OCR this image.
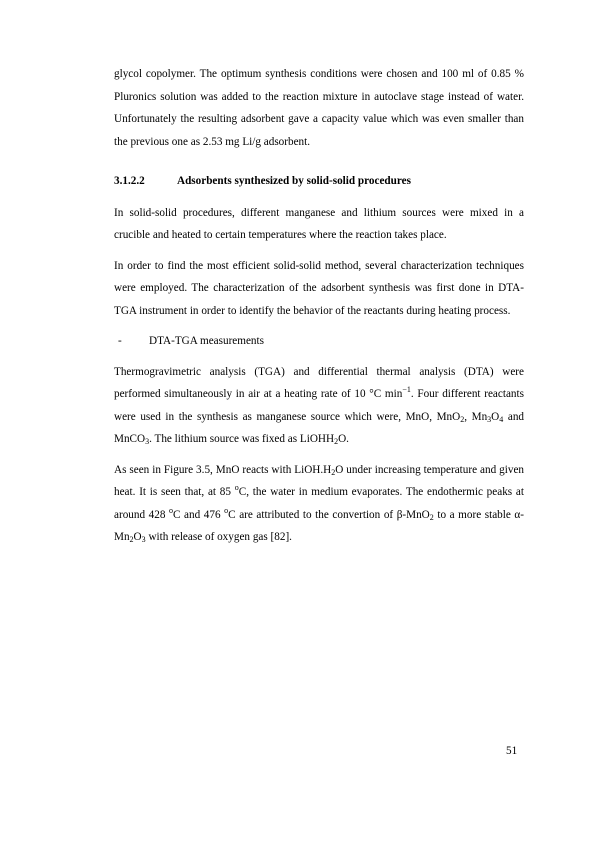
glycol copolymer. The optimum synthesis conditions were chosen and 100 ml of 0.85 % Pluronics solution was added to the reaction mixture in autoclave stage instead of water. Unfortunately the resulting adsorbent gave a capacity value which was even smaller than the previous one as 2.53 mg Li/g adsorbent.

3.1.2.2	Adsorbents synthesized by solid-solid procedures

In solid-solid procedures, different manganese and lithium sources were mixed in a crucible and heated to certain temperatures where the reaction takes place.

In order to find the most efficient solid-solid method, several characterization techniques were employed. The characterization of the adsorbent synthesis was first done in DTA-TGA instrument in order to identify the behavior of the reactants during heating process.

- DTA-TGA measurements

Thermogravimetric analysis (TGA) and differential thermal analysis (DTA) were performed simultaneously in air at a heating rate of 10 °C $\min^{-1}$. Four different reactants were used in the synthesis as manganese source which were, MnO, MnO$_2$, $Mn_3O_4$ and MnCO$_3$. The lithium source was fixed as LiOHH$_2$O.

As seen in Figure 3.5, MnO reacts with $LiOH.H_2O$ under increasing temperature and given heat. It is seen that, at 85 $^o$C, the water in medium evaporates. The endothermic peaks at around 428 $^o$C and 476 $^o$C are attributed to the convertion of β-MnO$_2$ to a more stable $\alpha-Mn_2O_3$ with release of oxygen gas [82].

51
